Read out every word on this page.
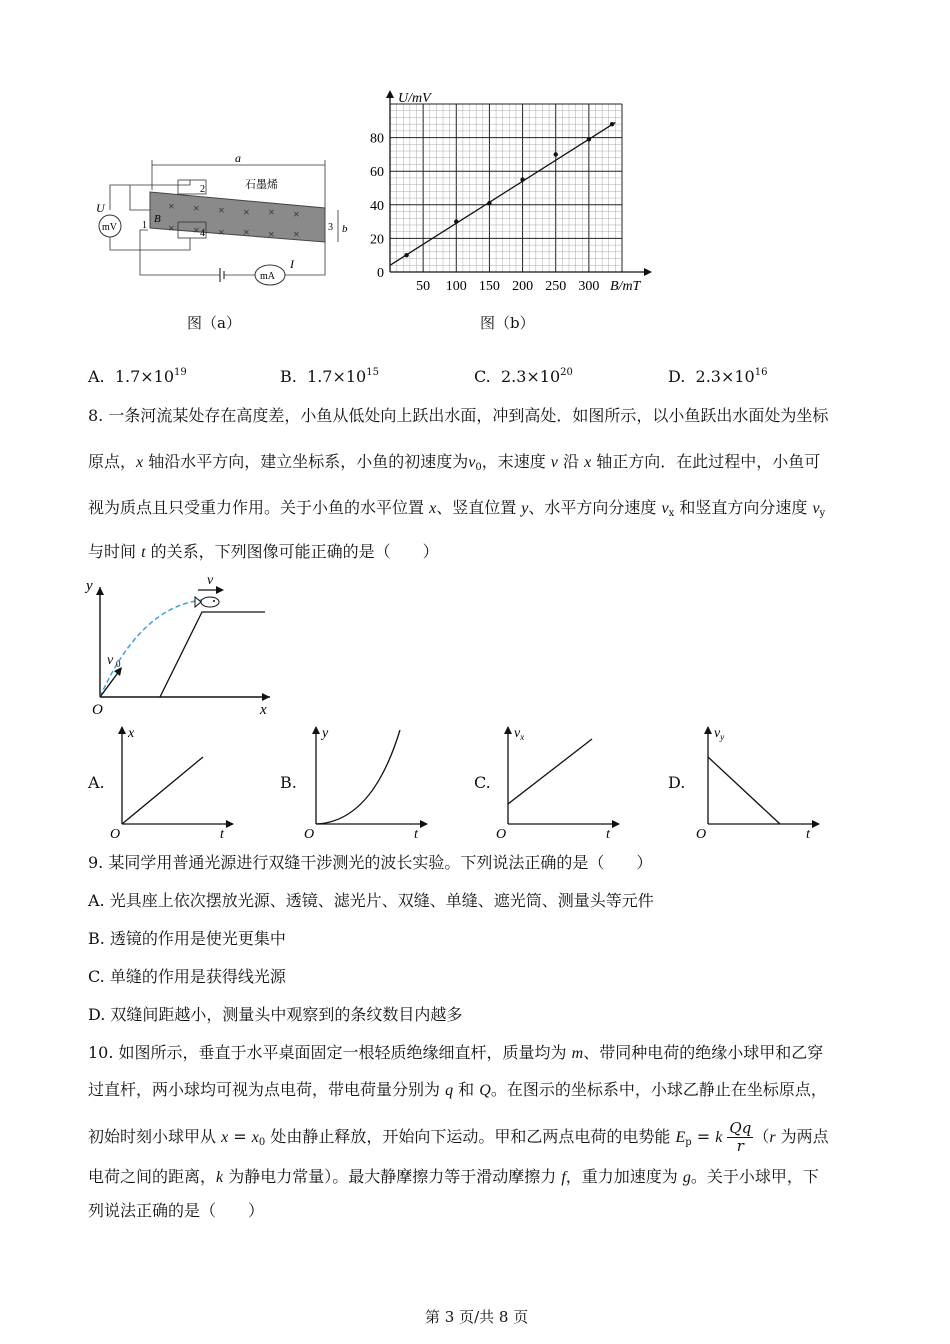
a
石墨烯
× × × × × ×
× × × × × ×
B
2
4
1	3 b
mV
U
mA
I
图（a）
50 100 150 200 250 300
0
20
40
60
80
U/mV
B/mT
图（b）
A. $1.7\times 10^{19}$	B. $1.7\times 10^{15}$	C. $2.3\times 10^{20}$	D. $2.3\times 10^{16}$
8. 一条河流某处存在高度差，小鱼从低处向上跃出水面，冲到高处．如图所示，以小鱼跃出水面处为坐标
原点，x 轴沿水平方向，建立坐标系，小鱼的初速度为$v_0$，末速度 v 沿 x 轴正方向．在此过程中，小鱼可
视为质点且只受重力作用。关于小鱼的水平位置 x、竖直位置 y、水平方向分速度 $v_x$ 和竖直方向分速度 $v_y$
与时间 t 的关系，下列图像可能正确的是（　　）
y
x
O
v 0
v
A.
x
t
O
B.
y
t
O
C.
$v_x$
t
O
D.
$v_y$
t
O
9. 某同学用普通光源进行双缝干涉测光的波长实验。下列说法正确的是（　　）
A. 光具座上依次摆放光源、透镜、滤光片、双缝、单缝、遮光筒、测量头等元件
B. 透镜的作用是使光更集中
C. 单缝的作用是获得线光源
D. 双缝间距越小，测量头中观察到的条纹数目内越多
10. 如图所示，垂直于水平桌面固定一根轻质绝缘细直杆，质量均为 m、带同种电荷的绝缘小球甲和乙穿
过直杆，两小球均可视为点电荷，带电荷量分别为 q 和 Q。在图示的坐标系中，小球乙静止在坐标原点，
初始时刻小球甲从 $x = x_0$ 处由静止释放，开始向下运动。甲和乙两点电荷的电势能 $E_p = k \frac{Qq}{r} (r$ 为两点
电荷之间的距离，k 为静电力常量）。最大静摩擦力等于滑动摩擦力 f，重力加速度为 g。关于小球甲，下
列说法正确的是（　　）
第 3 页/共 8 页
